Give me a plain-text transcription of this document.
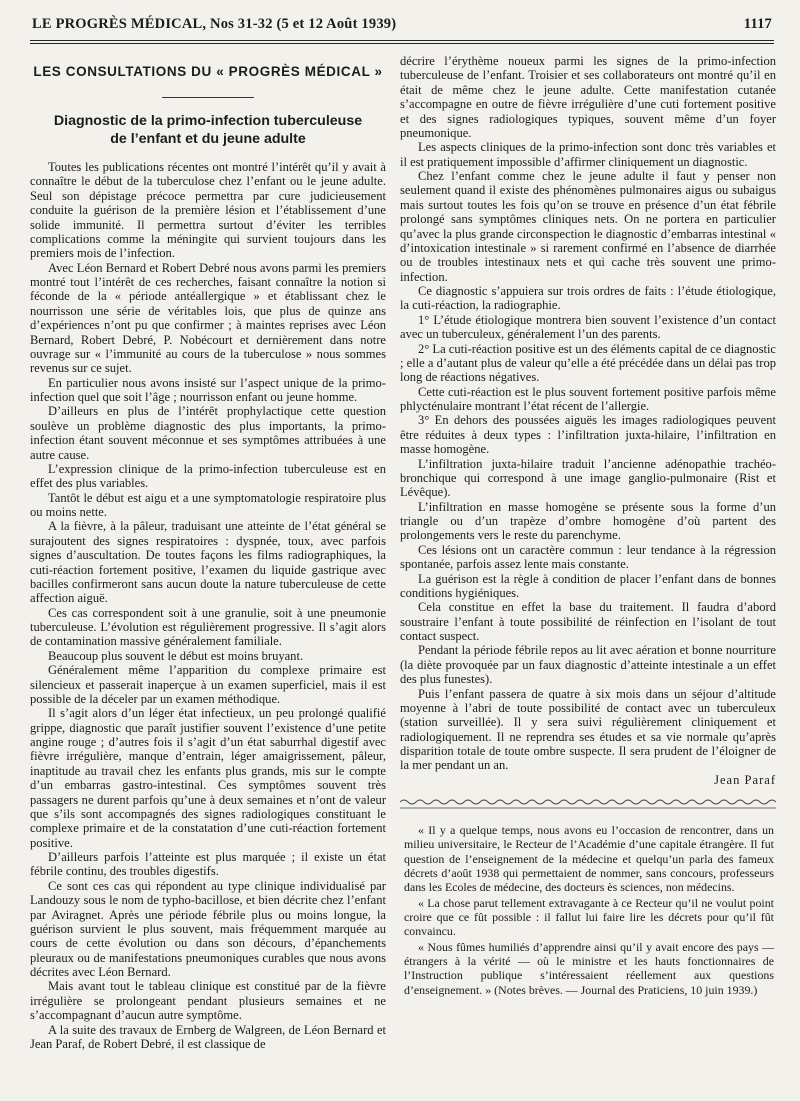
LE PROGRÈS MÉDICAL, Nos 31-32 (5 et 12 Août 1939)	1117
LES CONSULTATIONS DU « PROGRÈS MÉDICAL »
Diagnostic de la primo-infection tuberculeuse
de l’enfant et du jeune adulte

Toutes les publications récentes ont montré l’intérêt qu’il y avait à connaître le début de la tuberculose chez l’enfant ou le jeune adulte. Seul son dépistage précoce permettra par cure judicieusement conduite la guérison de la première lésion et l’établissement d’une solide immunité. Il permettra surtout d’éviter les terribles complications comme la méningite qui survient toujours dans les premiers mois de l’infection.

Avec Léon Bernard et Robert Debré nous avons parmi les premiers montré tout l’intérêt de ces recherches, faisant connaître la notion si féconde de la « période antéallergique » et établissant chez le nourrisson une série de véritables lois, que plus de quinze ans d’expériences n’ont pu que confirmer ; à maintes reprises avec Léon Bernard, Robert Debré, P. Nobécourt et dernièrement dans notre ouvrage sur « l’immunité au cours de la tuberculose » nous sommes revenus sur ce sujet.

En particulier nous avons insisté sur l’aspect unique de la primo-infection quel que soit l’âge ; nourrisson enfant ou jeune homme.

D’ailleurs en plus de l’intérêt prophylactique cette question soulève un problème diagnostic des plus importants, la primo-infection étant souvent méconnue et ses symptômes attribuées à une autre cause.

L’expression clinique de la primo-infection tuberculeuse est en effet des plus variables.

Tantôt le début est aigu et a une symptomatologie respiratoire plus ou moins nette.

A la fièvre, à la pâleur, traduisant une atteinte de l’état général se surajoutent des signes respiratoires : dyspnée, toux, avec parfois signes d’auscultation. De toutes façons les films radiographiques, la cuti-réaction fortement positive, l’examen du liquide gastrique avec bacilles confirmeront sans aucun doute la nature tuberculeuse de cette affection aiguë.

Ces cas correspondent soit à une granulie, soit à une pneumonie tuberculeuse. L’évolution est régulièrement progressive. Il s’agit alors de contamination massive généralement familiale.

Beaucoup plus souvent le début est moins bruyant.

Généralement même l’apparition du complexe primaire est silencieux et passerait inaperçue à un examen superficiel, mais il est possible de la déceler par un examen méthodique.

Il s’agit alors d’un léger état infectieux, un peu prolongé qualifié grippe, diagnostic que paraît justifier souvent l’existence d’une petite angine rouge ; d’autres fois il s’agit d’un état saburrhal digestif avec fièvre irrégulière, manque d’entrain, léger amaigrissement, pâleur, inaptitude au travail chez les enfants plus grands, mis sur le compte d’un embarras gastro-intestinal. Ces symptômes souvent très passagers ne durent parfois qu’une à deux semaines et n’ont de valeur que s’ils sont accompagnés des signes radiologiques constituant le complexe primaire et de la constatation d’une cuti-réaction fortement positive.

D’ailleurs parfois l’atteinte est plus marquée ; il existe un état fébrile continu, des troubles digestifs.

Ce sont ces cas qui répondent au type clinique individualisé par Landouzy sous le nom de typho-bacillose, et bien décrite chez l’enfant par Aviragnet. Après une période fébrile plus ou moins longue, la guérison survient le plus souvent, mais fréquemment marquée au cours de cette évolution ou dans son décours, d’épanchements pleuraux ou de manifestations pneumoniques curables que nous avons décrites avec Léon Bernard.

Mais avant tout le tableau clinique est constitué par de la fièvre irrégulière se prolongeant pendant plusieurs semaines et ne s’accompagnant d’aucun autre symptôme.

A la suite des travaux de Ernberg de Walgreen, de Léon Bernard et Jean Paraf, de Robert Debré, il est classique de

décrire l’érythème noueux parmi les signes de la primo-infection tuberculeuse de l’enfant. Troisier et ses collaborateurs ont montré qu’il en était de même chez le jeune adulte. Cette manifestation cutanée s’accompagne en outre de fièvre irrégulière d’une cuti fortement positive et des signes radiologiques typiques, souvent même d’un foyer pneumonique.

Les aspects cliniques de la primo-infection sont donc très variables et il est pratiquement impossible d’affirmer cliniquement un diagnostic.

Chez l’enfant comme chez le jeune adulte il faut y penser non seulement quand il existe des phénomènes pulmonaires aigus ou subaigus mais surtout toutes les fois qu’on se trouve en présence d’un état fébrile prolongé sans symptômes cliniques nets. On ne portera en particulier qu’avec la plus grande circonspection le diagnostic d’embarras intestinal « d’intoxication intestinale » si rarement confirmé en l’absence de diarrhée ou de troubles intestinaux nets et qui cache très souvent une primo-infection.

Ce diagnostic s’appuiera sur trois ordres de faits : l’étude étiologique, la cuti-réaction, la radiographie.

1° L’étude étiologique montrera bien souvent l’existence d’un contact avec un tuberculeux, généralement l’un des parents.

2° La cuti-réaction positive est un des éléments capital de ce diagnostic ; elle a d’autant plus de valeur qu’elle a été précédée dans un délai pas trop long de réactions négatives.

Cette cuti-réaction est le plus souvent fortement positive parfois même phlycténulaire montrant l’état récent de l’allergie.

3° En dehors des poussées aiguës les images radiologiques peuvent être réduites à deux types : l’infiltration juxta-hilaire, l’infiltration en masse homogène.

L’infiltration juxta-hilaire traduit l’ancienne adénopathie trachéo-bronchique qui correspond à une image ganglio-pulmonaire (Rist et Lévêque).

L’infiltration en masse homogène se présente sous la forme d’un triangle ou d’un trapèze d’ombre homogène d’où partent des prolongements vers le reste du parenchyme.

Ces lésions ont un caractère commun : leur tendance à la régression spontanée, parfois assez lente mais constante.

La guérison est la règle à condition de placer l’enfant dans de bonnes conditions hygiéniques.

Cela constitue en effet la base du traitement. Il faudra d’abord soustraire l’enfant à toute possibilité de réinfection en l’isolant de tout contact suspect.

Pendant la période fébrile repos au lit avec aération et bonne nourriture (la diète provoquée par un faux diagnostic d’atteinte intestinale a un effet des plus funestes).

Puis l’enfant passera de quatre à six mois dans un séjour d’altitude moyenne à l’abri de toute possibilité de contact avec un tuberculeux (station surveillée). Il y sera suivi régulièrement cliniquement et radiologiquement. Il ne reprendra ses études et sa vie normale qu’après disparition totale de toute ombre suspecte. Il sera prudent de l’éloigner de la mer pendant un an.

Jean Paraf

« Il y a quelque temps, nous avons eu l’occasion de rencontrer, dans un milieu universitaire, le Recteur de l’Académie d’une capitale étrangère. Il fut question de l’enseignement de la médecine et quelqu’un parla des fameux décrets d’août 1938 qui permettaient de nommer, sans concours, professeurs dans les Ecoles de médecine, des docteurs ès sciences, non médecins.

« La chose parut tellement extravagante à ce Recteur qu’il ne voulut point croire que ce fût possible : il fallut lui faire lire les décrets pour qu’il fût convaincu.

« Nous fûmes humiliés d’apprendre ainsi qu’il y avait encore des pays — étrangers à la vérité — où le ministre et les hauts fonctionnaires de l’Instruction publique s’intéressaient réellement aux questions d’enseignement. » (Notes brèves. — Journal des Praticiens, 10 juin 1939.)
